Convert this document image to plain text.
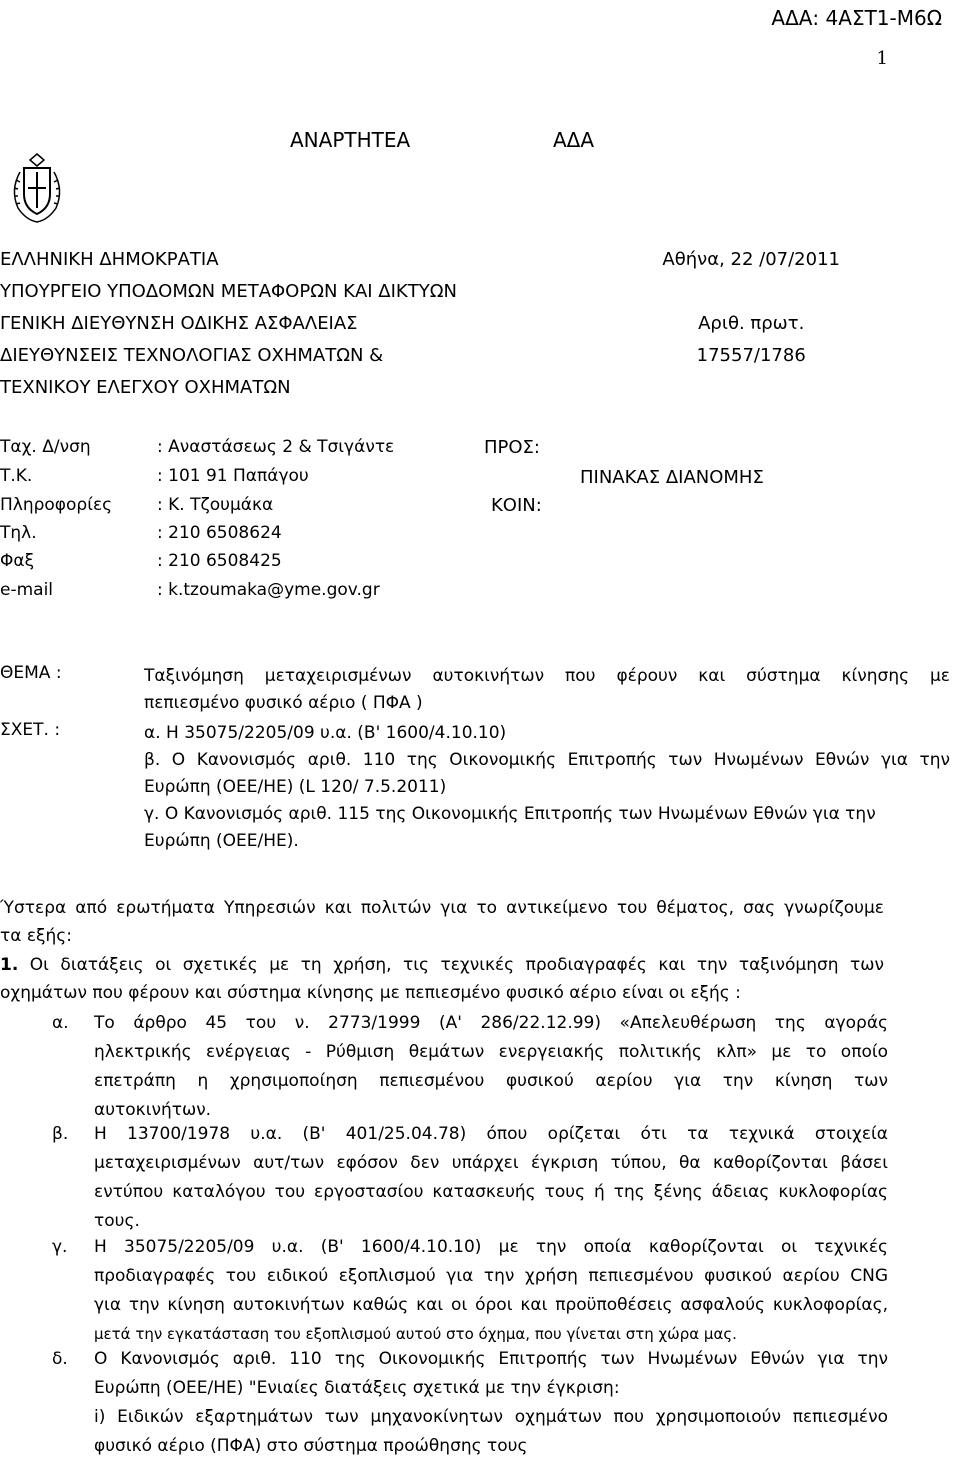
ΑΔΑ: 4ΑΣΤ1-Μ6Ω
1
ΑΝΑΡΤΗΤΕΑ	ΑΔΑ
ΕΛΛΗΝΙΚΗ ΔΗΜΟΚΡΑΤΙΑ
ΥΠΟΥΡΓΕΙΟ ΥΠΟΔΟΜΩΝ ΜΕΤΑΦΟΡΩΝ ΚΑΙ ΔΙΚΤΥΩΝ
ΓΕΝΙΚΗ ΔΙΕΥΘΥΝΣΗ ΟΔΙΚΗΣ ΑΣΦΑΛΕΙΑΣ
ΔΙΕΥΘΥΝΣΕΙΣ ΤΕΧΝΟΛΟΓΙΑΣ ΟΧΗΜΑΤΩΝ &
ΤΕΧΝΙΚΟΥ ΕΛΕΓΧΟΥ ΟΧΗΜΑΤΩΝ
Αθήνα, 22 /07/2011

Αριθ. πρωτ.
17557/1786
Ταχ. Δ/νση	: Αναστάσεως 2 & Τσιγάντε
Τ.Κ.	: 101 91 Παπάγου
Πληροφορίες	: Κ. Τζουμάκα
Τηλ.	: 210 6508624
Φαξ	: 210 6508425
e-mail	: k.tzoumaka@yme.gov.gr
ΠΡΟΣ:
ΠΙΝΑΚΑΣ ΔΙΑΝΟΜΗΣ
ΚΟΙΝ:
ΘΕΜΑ :	Ταξινόμηση μεταχειρισμένων αυτοκινήτων που φέρουν και σύστημα κίνησης με
πεπιεσμένο φυσικό αέριο ( ΠΦΑ )
ΣΧΕΤ. :	α. Η 35075/2205/09 υ.α. (Β' 1600/4.10.10)
β. Ο Κανονισμός αριθ. 110 της Οικονομικής Επιτροπής των Ηνωμένων Εθνών για την
Ευρώπη (ΟΕΕ/ΗΕ) (L 120/ 7.5.2011)
γ. Ο Κανονισμός αριθ. 115 της Οικονομικής Επιτροπής των Ηνωμένων Εθνών για την
Ευρώπη (ΟΕΕ/ΗΕ).
Ύστερα από ερωτήματα Υπηρεσιών και πολιτών για το αντικείμενο του θέματος, σας γνωρίζουμε
τα εξής:
1. Οι διατάξεις οι σχετικές με τη χρήση, τις τεχνικές προδιαγραφές και την ταξινόμηση των
οχημάτων που φέρουν και σύστημα κίνησης με πεπιεσμένο φυσικό αέριο είναι οι εξής :
α. Το άρθρο 45 του ν. 2773/1999 (Α' 286/22.12.99) «Απελευθέρωση της αγοράς
ηλεκτρικής ενέργειας - Ρύθμιση θεμάτων ενεργειακής πολιτικής κλπ» με το οποίο
επετράπη η χρησιμοποίηση πεπιεσμένου φυσικού αερίου για την κίνηση των
αυτοκινήτων.
β. Η 13700/1978 υ.α. (Β' 401/25.04.78) όπου ορίζεται ότι τα τεχνικά στοιχεία
μεταχειρισμένων αυτ/των εφόσον δεν υπάρχει έγκριση τύπου, θα καθορίζονται βάσει
εντύπου καταλόγου του εργοστασίου κατασκευής τους ή της ξένης άδειας κυκλοφορίας
τους.
γ. Η 35075/2205/09 υ.α. (Β' 1600/4.10.10) με την οποία καθορίζονται οι τεχνικές
προδιαγραφές του ειδικού εξοπλισμού για την χρήση πεπιεσμένου φυσικού αερίου CNG
για την κίνηση αυτοκινήτων καθώς και οι όροι και προϋποθέσεις ασφαλούς κυκλοφορίας,
μετά την εγκατάσταση του εξοπλισμού αυτού στο όχημα, που γίνεται στη χώρα μας.
δ. Ο Κανονισμός αριθ. 110 της Οικονομικής Επιτροπής των Ηνωμένων Εθνών για την
Ευρώπη (ΟΕΕ/ΗΕ) "Ενιαίες διατάξεις σχετικά με την έγκριση:
i) Ειδικών εξαρτημάτων των μηχανοκίνητων οχημάτων που χρησιμοποιούν πεπιεσμένο
φυσικό αέριο (ΠΦΑ) στο σύστημα προώθησης τους
